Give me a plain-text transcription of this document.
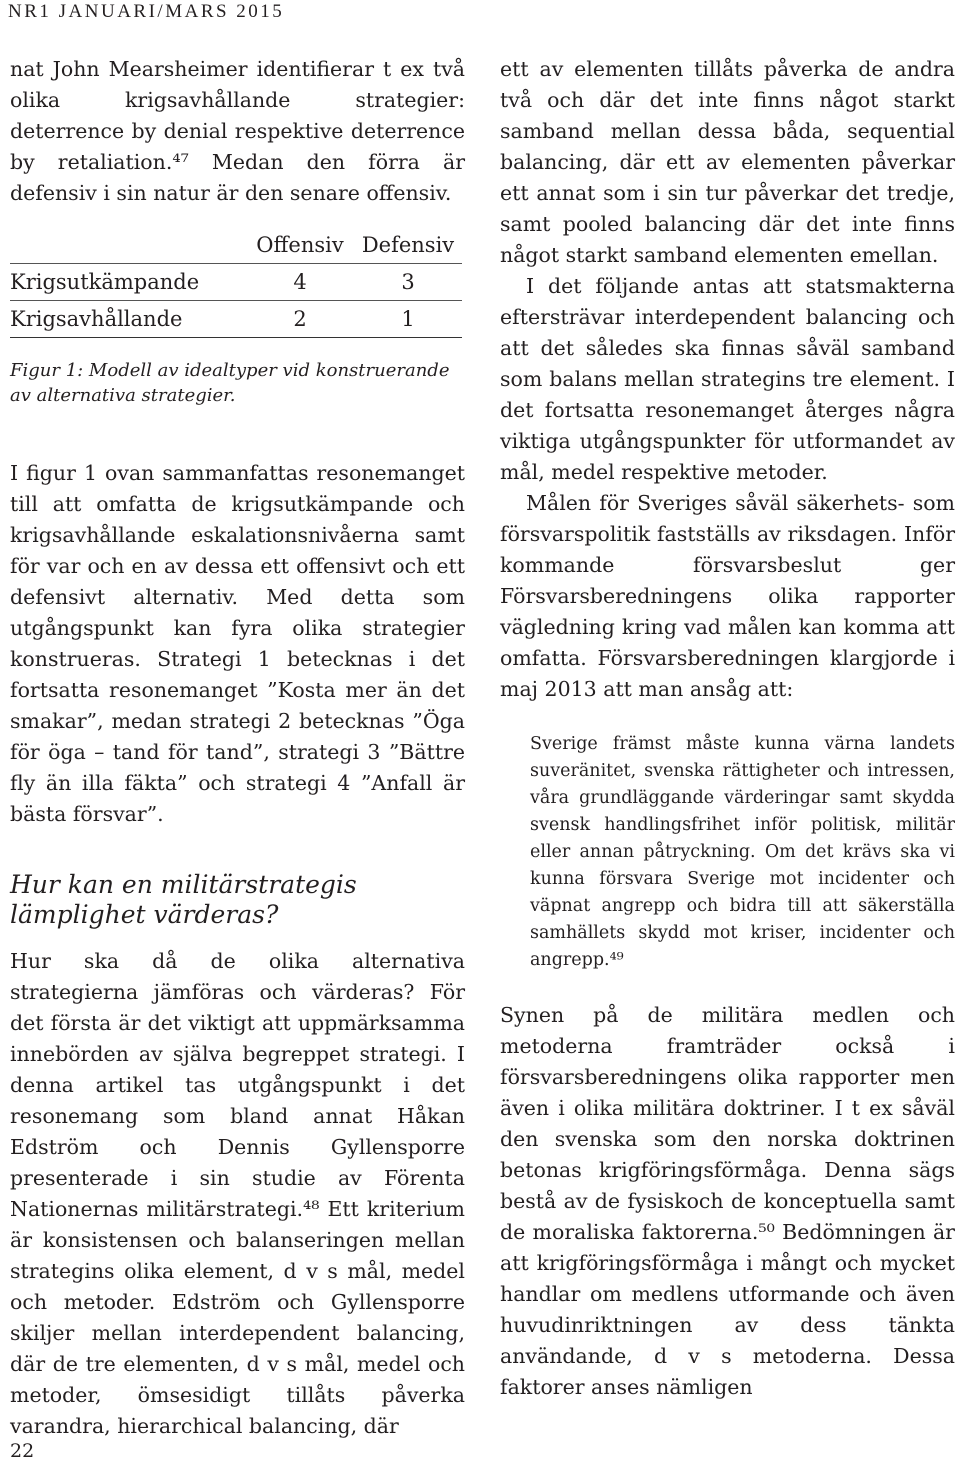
NR1 JANUARI/MARS 2015

nat John Mearsheimer identifierar t ex två olika krigsavhållande strategier: deterrence by denial respektive deterrence by retaliation.⁴⁷ Medan den förra är defensiv i sin natur är den senare offensiv.

	Offensiv	Defensiv
Krigsutkämpande	4	3
Krigsavhållande	2	1

Figur 1: Modell av idealtyper vid konstruerande av alternativa strategier.

I figur 1 ovan sammanfattas resonemanget till att omfatta de krigsutkämpande och krigsavhållande eskalationsnivåerna samt för var och en av dessa ett offensivt och ett defensivt alternativ. Med detta som utgångspunkt kan fyra olika strategier konstrueras. Strategi 1 betecknas i det fortsatta resonemanget ”Kosta mer än det smakar”, medan strategi 2 betecknas ”Öga för öga – tand för tand”, strategi 3 ”Bättre fly än illa fäkta” och strategi 4 ”Anfall är bästa försvar”.

Hur kan en militärstrategis lämplighet värderas?

Hur ska då de olika alternativa strategierna jämföras och värderas? För det första är det viktigt att uppmärksamma innebörden av själva begreppet strategi. I denna artikel tas utgångspunkt i det resonemang som bland annat Håkan Edström och Dennis Gyllensporre presenterade i sin studie av Förenta Nationernas militärstrategi.⁴⁸ Ett kriterium är konsistensen och balanseringen mellan strategins olika element, d v s mål, medel och metoder. Edström och Gyllensporre skiljer mellan interdependent balancing, där de tre elementen, d v s mål, medel och metoder, ömsesidigt tillåts påverka varandra, hierarchical balancing, där

ett av elementen tillåts påverka de andra två och där det inte finns något starkt samband mellan dessa båda, sequential balancing, där ett av elementen påverkar ett annat som i sin tur påverkar det tredje, samt pooled balancing där det inte finns något starkt samband elementen emellan.

I det följande antas att statsmakterna eftersträvar interdependent balancing och att det således ska finnas såväl samband som balans mellan strategins tre element. I det fortsatta resonemanget återges några viktiga utgångspunkter för utformandet av mål, medel respektive metoder.

Målen för Sveriges såväl säkerhets- som försvarspolitik fastställs av riksdagen. Inför kommande försvarsbeslut ger Försvarsberedningens olika rapporter vägledning kring vad målen kan komma att omfatta. Försvarsberedningen klargjorde i maj 2013 att man ansåg att:

Sverige främst måste kunna värna landets suveränitet, svenska rättigheter och intressen, våra grundläggande värderingar samt skydda svensk handlingsfrihet inför politisk, militär eller annan påtryckning. Om det krävs ska vi kunna försvara Sverige mot incidenter och väpnat angrepp och bidra till att säkerställa samhällets skydd mot kriser, incidenter och angrepp.⁴⁹

Synen på de militära medlen och metoderna framträder också i försvarsberedningens olika rapporter men även i olika militära doktriner. I t ex såväl den svenska som den norska doktrinen betonas krigföringsförmåga. Denna sägs bestå av de fysiskoch de konceptuella samt de moraliska faktorerna.⁵⁰ Bedömningen är att krigföringsförmåga i mångt och mycket handlar om medlens utformande och även huvudinriktningen av dess tänkta användande, d v s metoderna. Dessa faktorer anses nämligen

22
